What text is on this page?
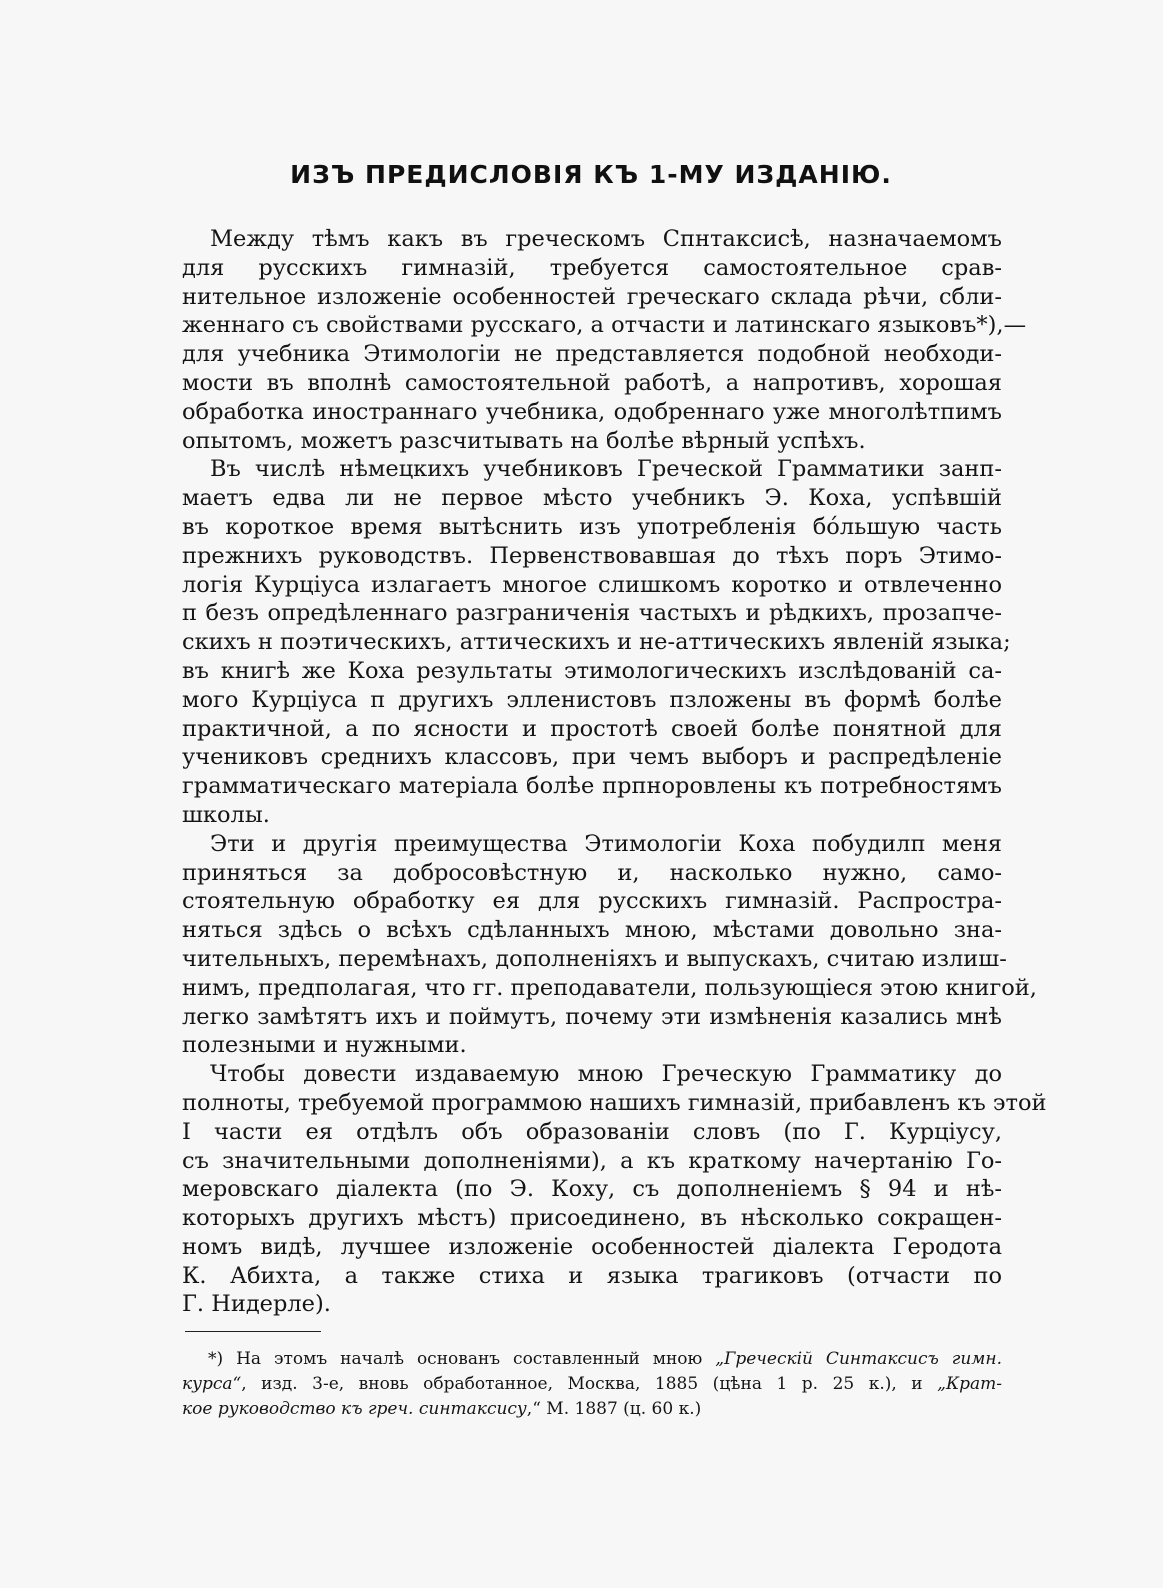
ИЗЪ ПРЕДИСЛОВІЯ КЪ 1-МУ ИЗДАНІЮ.
Между тѣмъ какъ въ греческомъ Спнтаксисѣ, назначаемомъ
для русскихъ гимназій, требуется самостоятельное срав-
нительное изложеніе особенностей греческаго склада рѣчи, сбли-
женнаго съ свойствами русскаго, а отчасти и латинскаго языковъ*),—
для учебника Этимологіи не представляется подобной необходи-
мости въ вполнѣ самостоятельной работѣ, а напротивъ, хорошая
обработка иностраннаго учебника, одобреннаго уже многолѣтпимъ
опытомъ, можетъ разсчитывать на болѣе вѣрный успѣхъ.
Въ числѣ нѣмецкихъ учебниковъ Греческой Грамматики занп-
маетъ едва ли не первое мѣсто учебникъ Э. Коха, успѣвшій
въ короткое время вытѣснить изъ употребленія бо́льшую часть
прежнихъ руководствъ. Первенствовавшая до тѣхъ поръ Этимо-
логія Курціуса излагаетъ многое слишкомъ коротко и отвлеченно
п безъ опредѣленнаго разграниченія частыхъ и рѣдкихъ, прозапче-
скихъ н поэтическихъ, аттическихъ и не-аттическихъ явленій языка;
въ книгѣ же Коха результаты этимологическихъ изслѣдованій са-
мого Курціуса п другихъ эллениcтовъ пзложены въ формѣ болѣе
практичной, а по ясности и простотѣ своей болѣе понятной для
учениковъ среднихъ классовъ, при чемъ выборъ и распредѣленіе
грамматическаго матеріала болѣе прпноровлены къ потребностямъ
школы.
Эти и другія преимущества Этимологіи Коха побудилп меня
приняться за добросовѣстную и, насколько нужно, само-
стоятельную обработку ея для русскихъ гимназій. Распростра-
няться здѣсь о всѣхъ сдѣланныхъ мною, мѣстами довольно зна-
чительныхъ, перемѣнахъ, дополненіяхъ и выпускахъ, считаю излиш-
нимъ, предполагая, что гг. преподаватели, пользующіеся этою книгой,
легко замѣтятъ ихъ и поймутъ, почему эти измѣненія казались мнѣ
полезными и нужными.
Чтобы довести издаваемую мною Греческую Грамматику до
полноты, требуемой программою нашихъ гимназій, прибавленъ къ этой
I части ея отдѣлъ объ образованіи словъ (по Г. Курціусу,
съ значительными дополненіями), а къ краткому начертанію Го-
меровскаго діалекта (по Э. Коху, съ дополненіемъ § 94 и нѣ-
которыхъ другихъ мѣстъ) присоединено, въ нѣсколько сокращен-
номъ видѣ, лучшее изложеніе особенностей діалекта Геродота
К. Абихта, а также стиха и языка трагиковъ (отчасти по
Г. Нидерле).
*) На этомъ началѣ основанъ составленный мною „Греческій Синтаксисъ гимн.
курса“, изд. 3-е, вновь обработанное, Москва, 1885 (цѣна 1 р. 25 к.), и „Крат-
кое руководство къ греч. синтаксису,“ М. 1887 (ц. 60 к.)
